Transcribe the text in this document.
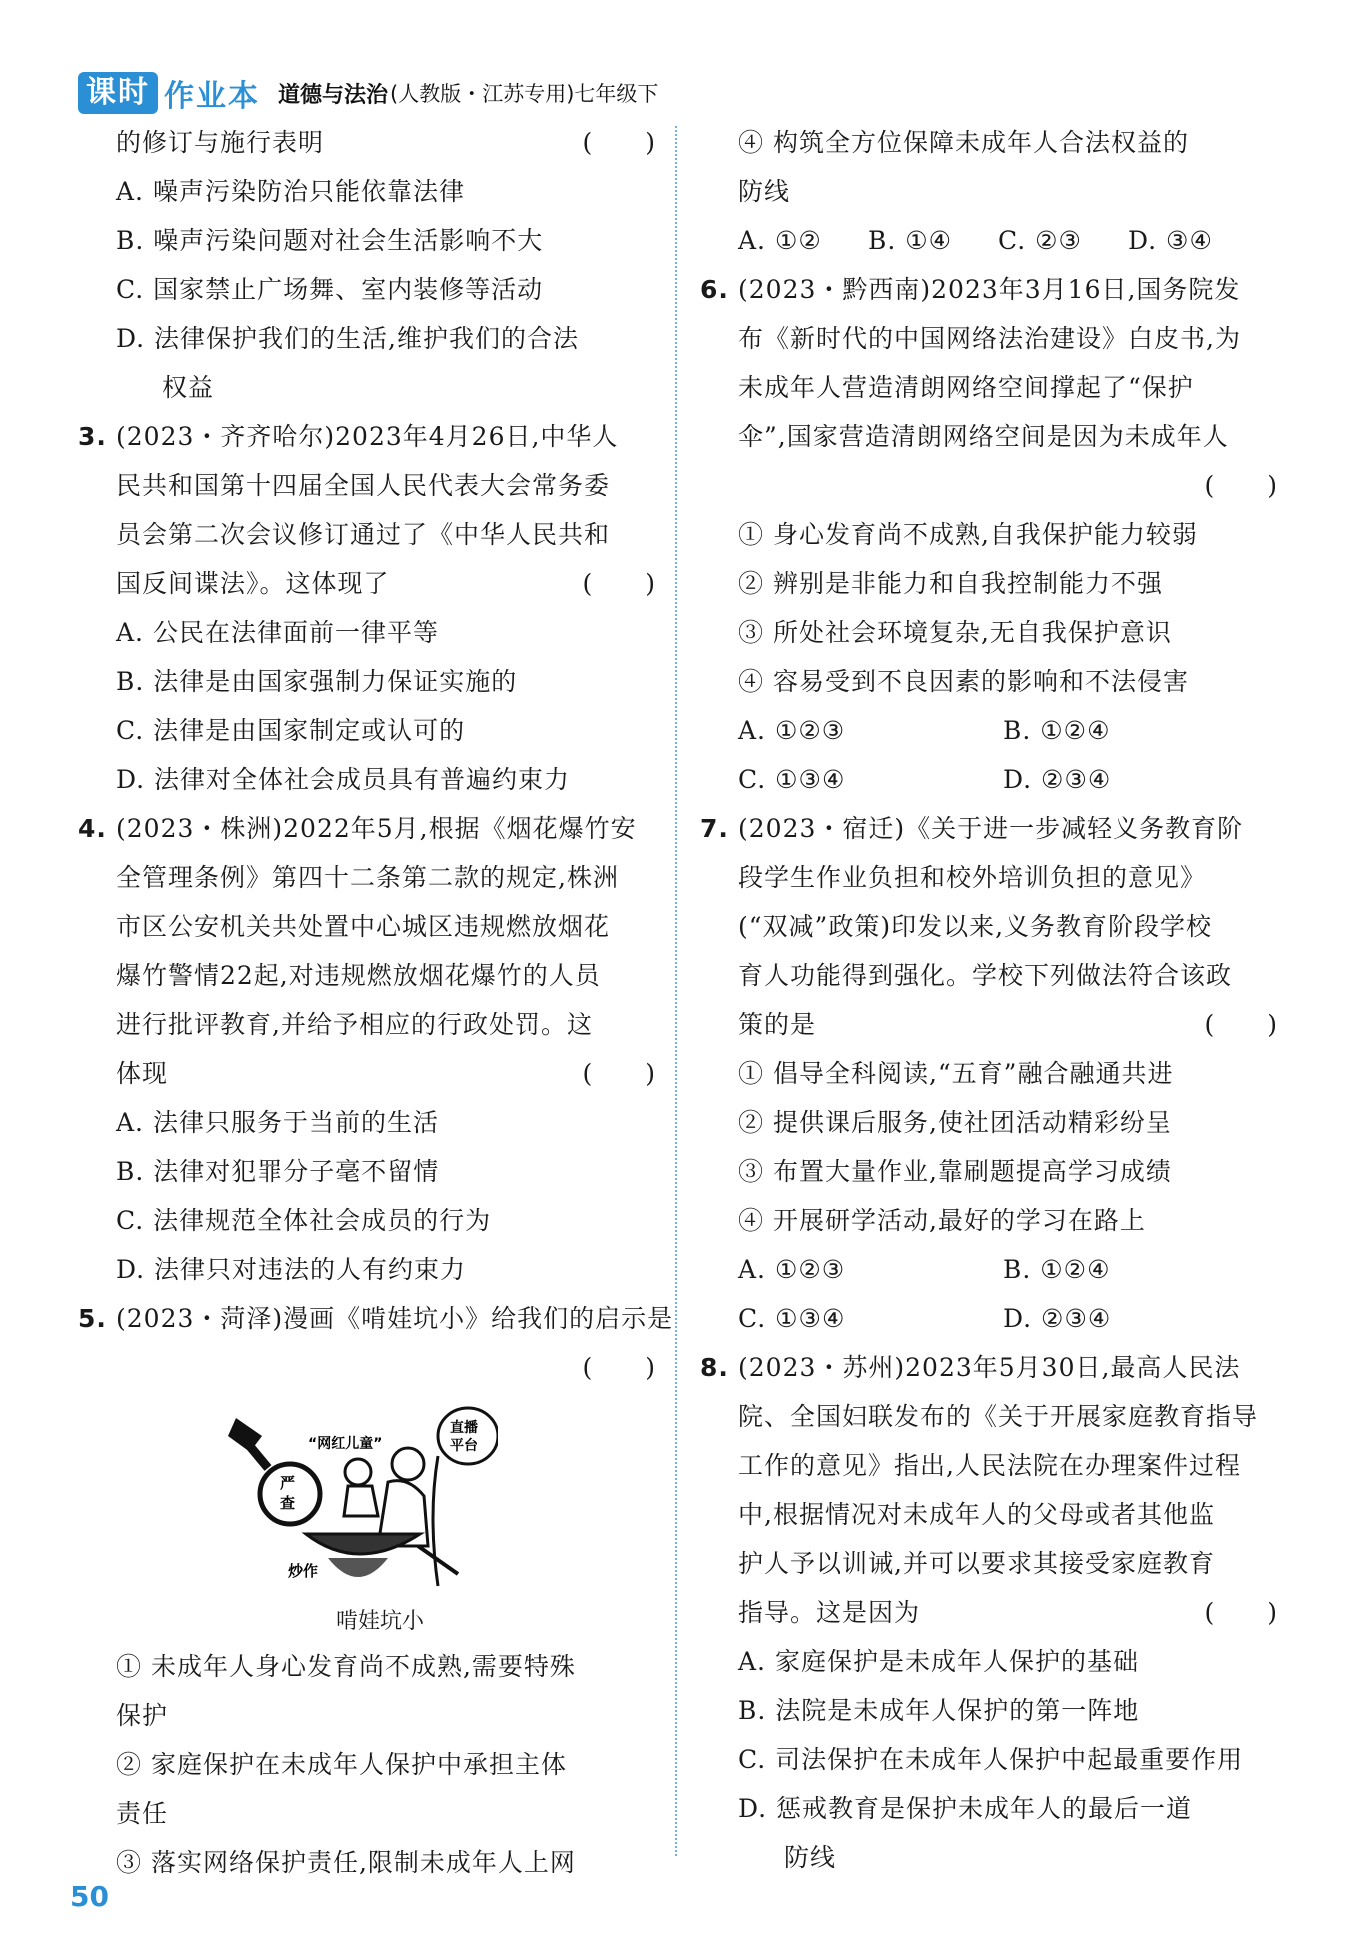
课时 作业本 道德与法治 (人教版・江苏专用)七年级下
的修订与施行表明	(　　)
A. 噪声污染防治只能依靠法律
B. 噪声污染问题对社会生活影响不大
C. 国家禁止广场舞、室内装修等活动
D. 法律保护我们的生活,维护我们的合法
权益
3. (2023・齐齐哈尔)2023年4月26日,中华人
民共和国第十四届全国人民代表大会常务委
员会第二次会议修订通过了《中华人民共和
国反间谍法》。这体现了	(　　)
A. 公民在法律面前一律平等
B. 法律是由国家强制力保证实施的
C. 法律是由国家制定或认可的
D. 法律对全体社会成员具有普遍约束力
4. (2023・株洲)2022年5月,根据《烟花爆竹安
全管理条例》第四十二条第二款的规定,株洲
市区公安机关共处置中心城区违规燃放烟花
爆竹警情22起,对违规燃放烟花爆竹的人员
进行批评教育,并给予相应的行政处罚。这
体现	(　　)
A. 法律只服务于当前的生活
B. 法律对犯罪分子毫不留情
C. 法律规范全体社会成员的行为
D. 法律只对违法的人有约束力
5. (2023・菏泽)漫画《啃娃坑小》给我们的启示是
(　　)
严
查
“网红儿童”
直播
平台
炒作
啃娃坑小
① 未成年人身心发育尚不成熟,需要特殊
保护
② 家庭保护在未成年人保护中承担主体
责任
③ 落实网络保护责任,限制未成年人上网
④ 构筑全方位保障未成年人合法权益的
防线
A. ①②	B. ①④	C. ②③	D. ③④
6. (2023・黔西南)2023年3月16日,国务院发
布《新时代的中国网络法治建设》白皮书,为
未成年人营造清朗网络空间撑起了“保护
伞”,国家营造清朗网络空间是因为未成年人
(　　)
① 身心发育尚不成熟,自我保护能力较弱
② 辨别是非能力和自我控制能力不强
③ 所处社会环境复杂,无自我保护意识
④ 容易受到不良因素的影响和不法侵害
A. ①②③	B. ①②④
C. ①③④	D. ②③④
7. (2023・宿迁)《关于进一步减轻义务教育阶
段学生作业负担和校外培训负担的意见》
(“双减”政策)印发以来,义务教育阶段学校
育人功能得到强化。学校下列做法符合该政
策的是	(　　)
① 倡导全科阅读,“五育”融合融通共进
② 提供课后服务,使社团活动精彩纷呈
③ 布置大量作业,靠刷题提高学习成绩
④ 开展研学活动,最好的学习在路上
A. ①②③	B. ①②④
C. ①③④	D. ②③④
8. (2023・苏州)2023年5月30日,最高人民法
院、全国妇联发布的《关于开展家庭教育指导
工作的意见》指出,人民法院在办理案件过程
中,根据情况对未成年人的父母或者其他监
护人予以训诫,并可以要求其接受家庭教育
指导。这是因为	(　　)
A. 家庭保护是未成年人保护的基础
B. 法院是未成年人保护的第一阵地
C. 司法保护在未成年人保护中起最重要作用
D. 惩戒教育是保护未成年人的最后一道
防线
50
